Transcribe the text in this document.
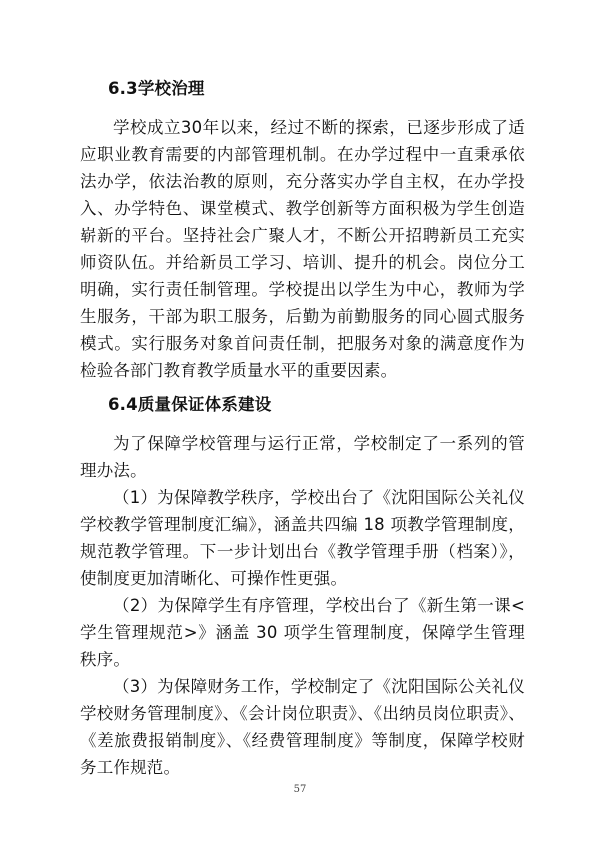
6.3学校治理

学校成立30年以来，经过不断的探索，已逐步形成了适应职业教育需要的内部管理机制。在办学过程中一直秉承依法办学，依法治教的原则，充分落实办学自主权，在办学投入、办学特色、课堂模式、教学创新等方面积极为学生创造崭新的平台。坚持社会广聚人才，不断公开招聘新员工充实师资队伍。并给新员工学习、培训、提升的机会。岗位分工明确，实行责任制管理。学校提出以学生为中心，教师为学生服务，干部为职工服务，后勤为前勤服务的同心圆式服务模式。实行服务对象首问责任制，把服务对象的满意度作为检验各部门教育教学质量水平的重要因素。

6.4质量保证体系建设

为了保障学校管理与运行正常，学校制定了一系列的管理办法。

（1）为保障教学秩序，学校出台了《沈阳国际公关礼仪学校教学管理制度汇编》，涵盖共四编 18 项教学管理制度，规范教学管理。下一步计划出台《教学管理手册（档案）》，使制度更加清晰化、可操作性更强。

（2）为保障学生有序管理，学校出台了《新生第一课<学生管理规范>》涵盖 30 项学生管理制度，保障学生管理秩序。

（3）为保障财务工作，学校制定了《沈阳国际公关礼仪学校财务管理制度》、《会计岗位职责》、《出纳员岗位职责》、《差旅费报销制度》、《经费管理制度》等制度，保障学校财务工作规范。

57
